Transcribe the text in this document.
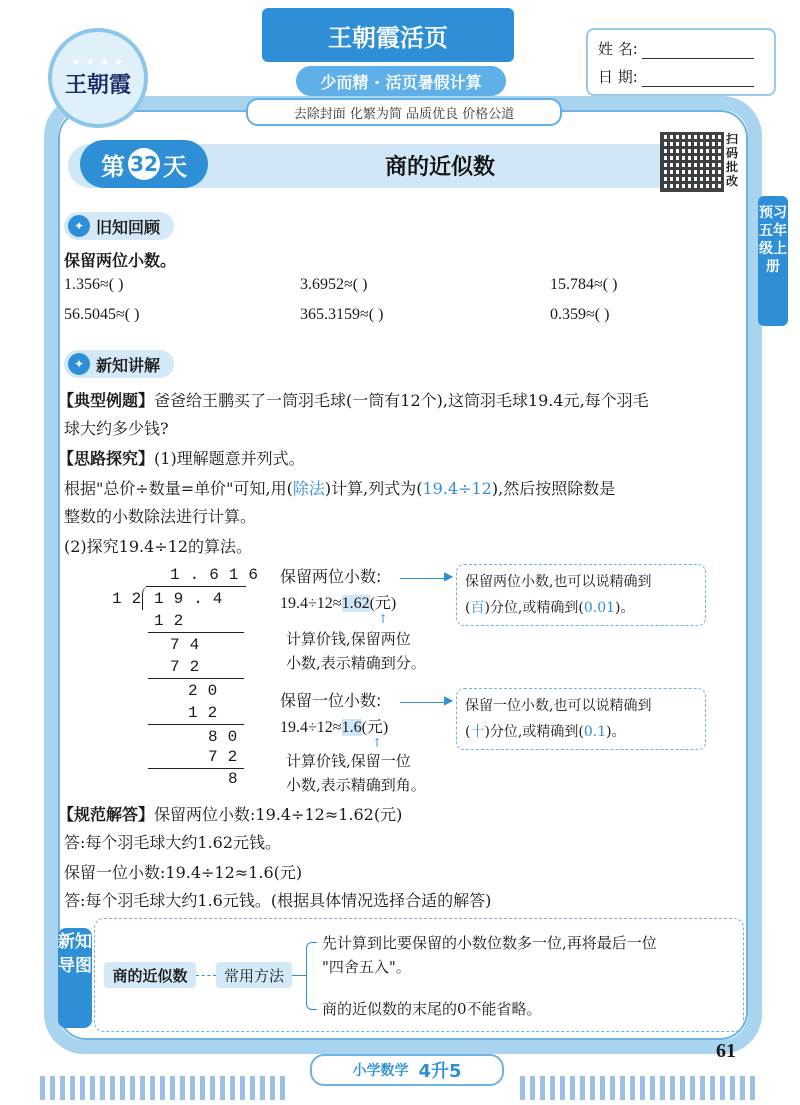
★ ★ ★ ★
王朝霞
王朝霞活页
少而精 · 活页暑假计算
去除封面 化繁为简 品质优良 价格公道
姓 名:
日 期:
第 32 天	商的近似数
扫码批改
预习五年级上册
✦ 旧知回顾
保留两位小数。
1.356≈( )	3.6952≈( )	15.784≈( )
56.5045≈( )	365.3159≈( )	0.359≈( )
✦ 新知讲解
【典型例题】爸爸给王鹏买了一筒羽毛球(一筒有12个),这筒羽毛球19.4元,每个羽毛
球大约多少钱?
【思路探究】(1)理解题意并列式。
根据"总价÷数量=单价"可知,用(除法)计算,列式为(19.4÷12),然后按照除数是
整数的小数除法进行计算。
(2)探究19.4÷12的算法。
1.616
12 19.4
12
74
72
20
12
80
72
8
保留两位小数:
19.4÷12≈1.62(元)
▶
↑
计算价钱,保留两位
小数,表示精确到分。
保留两位小数,也可以说精确到
(百)分位,或精确到(0.01)。
保留一位小数:
19.4÷12≈1.6(元)
▶
↑
计算价钱,保留一位
小数,表示精确到角。
保留一位小数,也可以说精确到
(十)分位,或精确到(0.1)。
【规范解答】保留两位小数:19.4÷12≈1.62(元)
答:每个羽毛球大约1.62元钱。
保留一位小数:19.4÷12≈1.6(元)
答:每个羽毛球大约1.6元钱。(根据具体情况选择合适的解答)
新知导图	商的近似数	常用方法
先计算到比要保留的小数位数多一位,再将最后一位
"四舍五入"。
商的近似数的末尾的0不能省略。
61
小学数学 4升5
